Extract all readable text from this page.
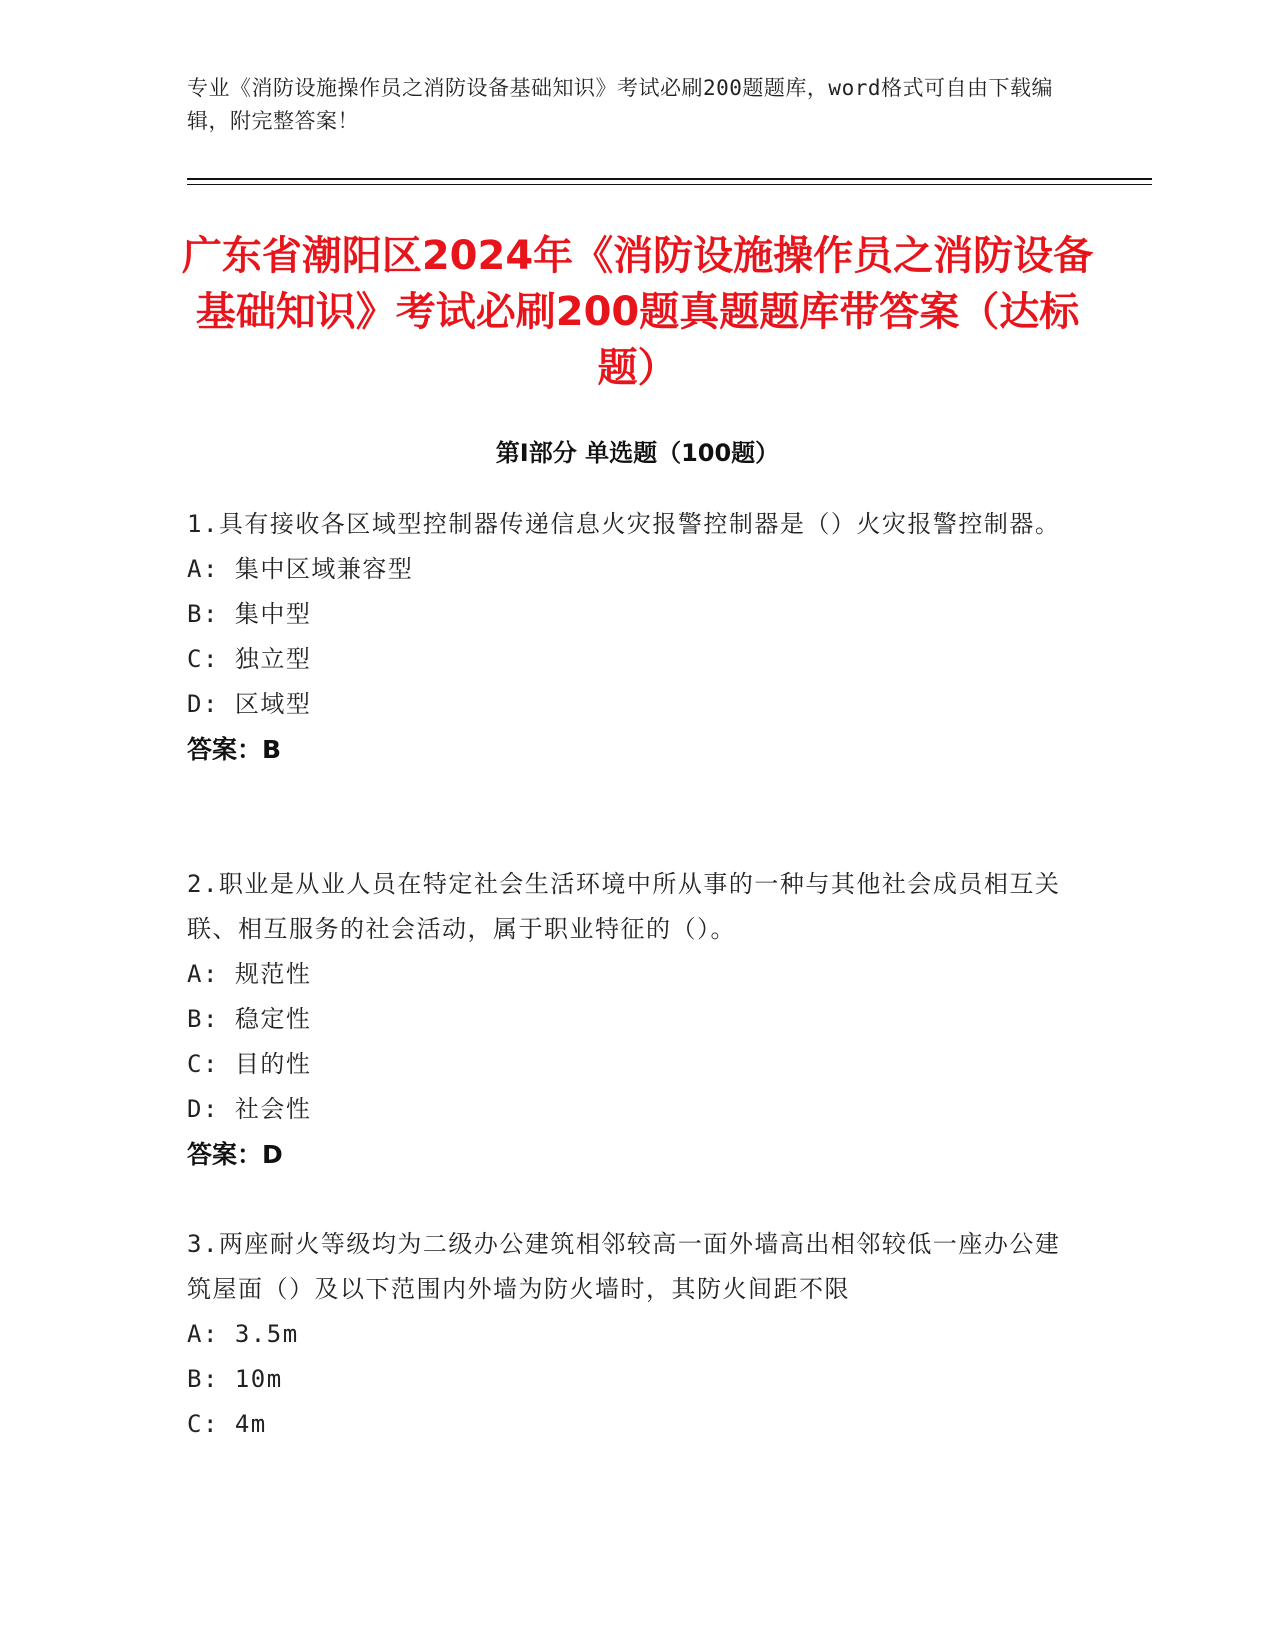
专业《消防设施操作员之消防设备基础知识》考试必刷200题题库，word格式可自由下载编辑，附完整答案！
广东省潮阳区2024年《消防设施操作员之消防设备基础知识》考试必刷200题真题题库带答案（达标题）
第Ⅰ部分 单选题（100题）

1.具有接收各区域型控制器传递信息火灾报警控制器是（）火灾报警控制器。

A: 集中区域兼容型

B: 集中型

C: 独立型

D: 区域型

答案：B

2.职业是从业人员在特定社会生活环境中所从事的一种与其他社会成员相互关联、相互服务的社会活动，属于职业特征的（）。

A: 规范性

B: 稳定性

C: 目的性

D: 社会性

答案：D

3.两座耐火等级均为二级办公建筑相邻较高一面外墙高出相邻较低一座办公建筑屋面（）及以下范围内外墙为防火墙时，其防火间距不限

A: 3.5m

B: 10m

C: 4m
